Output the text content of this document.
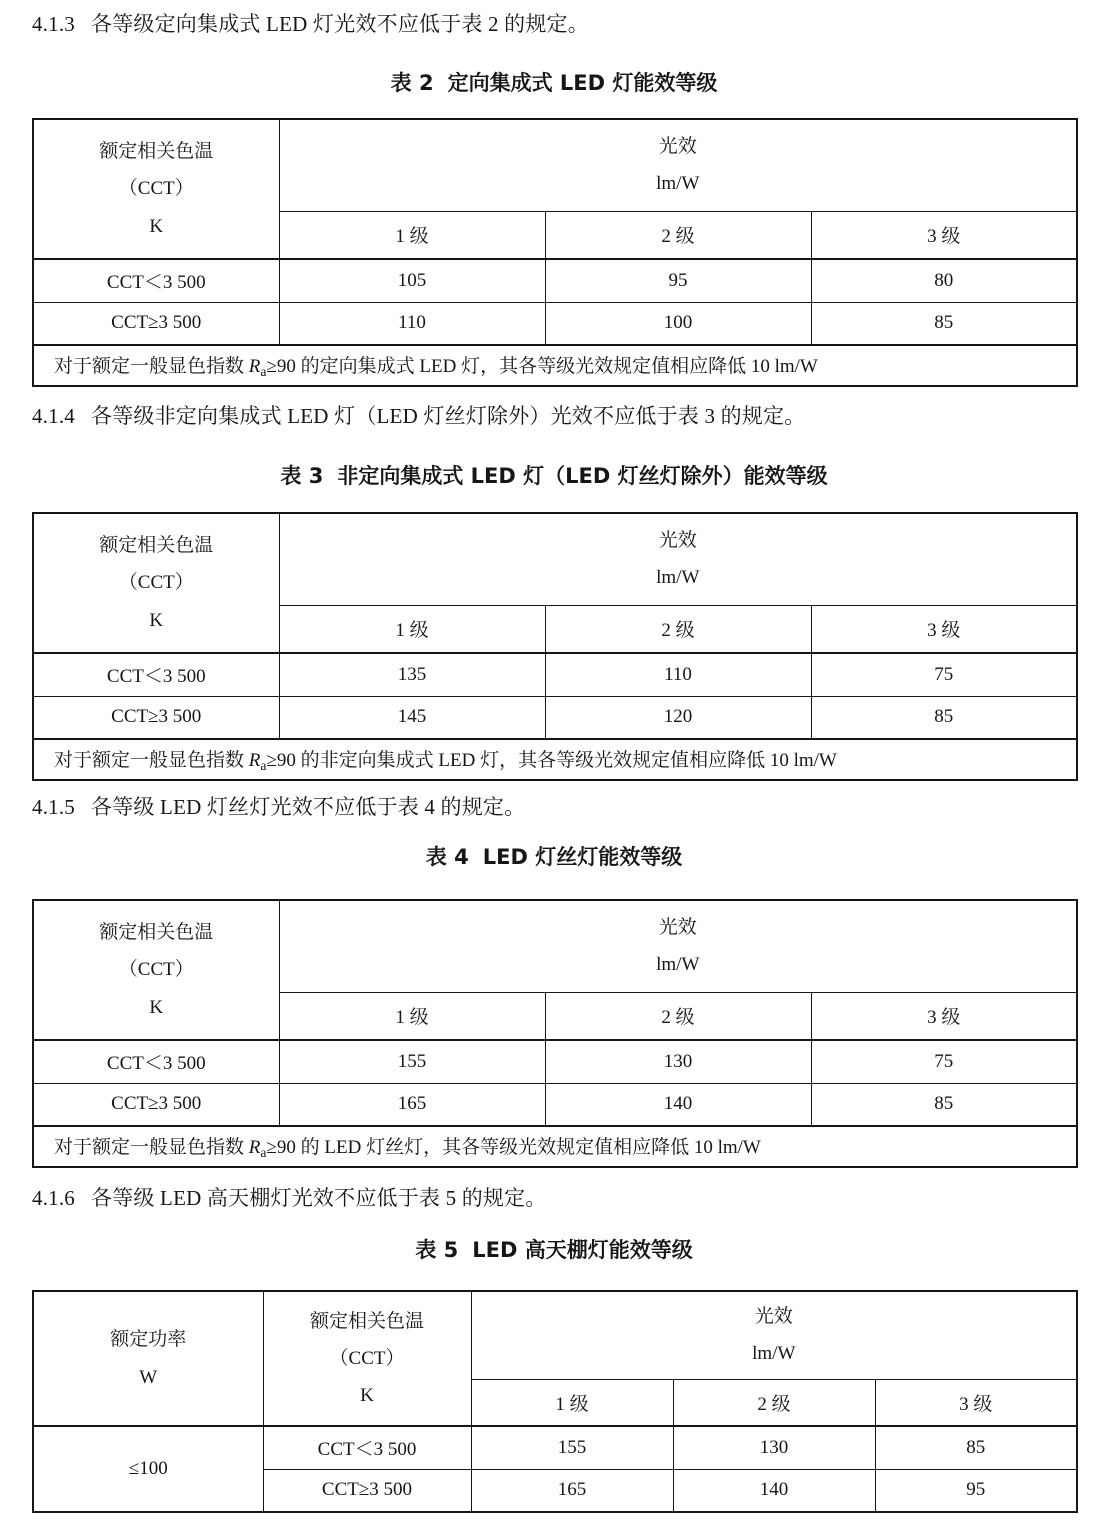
4.1.3 各等级定向集成式 LED 灯光效不应低于表 2 的规定。
表 2 定向集成式 LED 灯能效等级
额定相关色温
（CCT）
K

光效
lm/W

	1 级	2 级	3 级
CCT＜3 500	105	95	80
CCT≥3 500	110	100	85
对于额定一般显色指数 $R_a\ge 90$ 的定向集成式 LED 灯，其各等级光效规定值相应降低 10 lm/W			
4.1.4 各等级非定向集成式 LED 灯（LED 灯丝灯除外）光效不应低于表 3 的规定。
表 3 非定向集成式 LED 灯（LED 灯丝灯除外）能效等级
额定相关色温
（CCT）
K

光效
lm/W

	1 级	2 级	3 级
CCT＜3 500	135	110	75
CCT≥3 500	145	120	85
对于额定一般显色指数 $R_a\ge 90$ 的非定向集成式 LED 灯，其各等级光效规定值相应降低 10 lm/W			
4.1.5 各等级 LED 灯丝灯光效不应低于表 4 的规定。
表 4 LED 灯丝灯能效等级
额定相关色温
（CCT）
K

光效
lm/W

	1 级	2 级	3 级
CCT＜3 500	155	130	75
CCT≥3 500	165	140	85
对于额定一般显色指数 $R_a\ge 90$ 的 LED 灯丝灯，其各等级光效规定值相应降低 10 lm/W			
4.1.6 各等级 LED 高天棚灯光效不应低于表 5 的规定。
表 5 LED 高天棚灯能效等级
额定功率
W

额定相关色温
（CCT）
K

光效
lm/W

		1 级	2 级	3 级
≤100	CCT＜3 500	155	130	85
	CCT≥3 500	165	140	95
